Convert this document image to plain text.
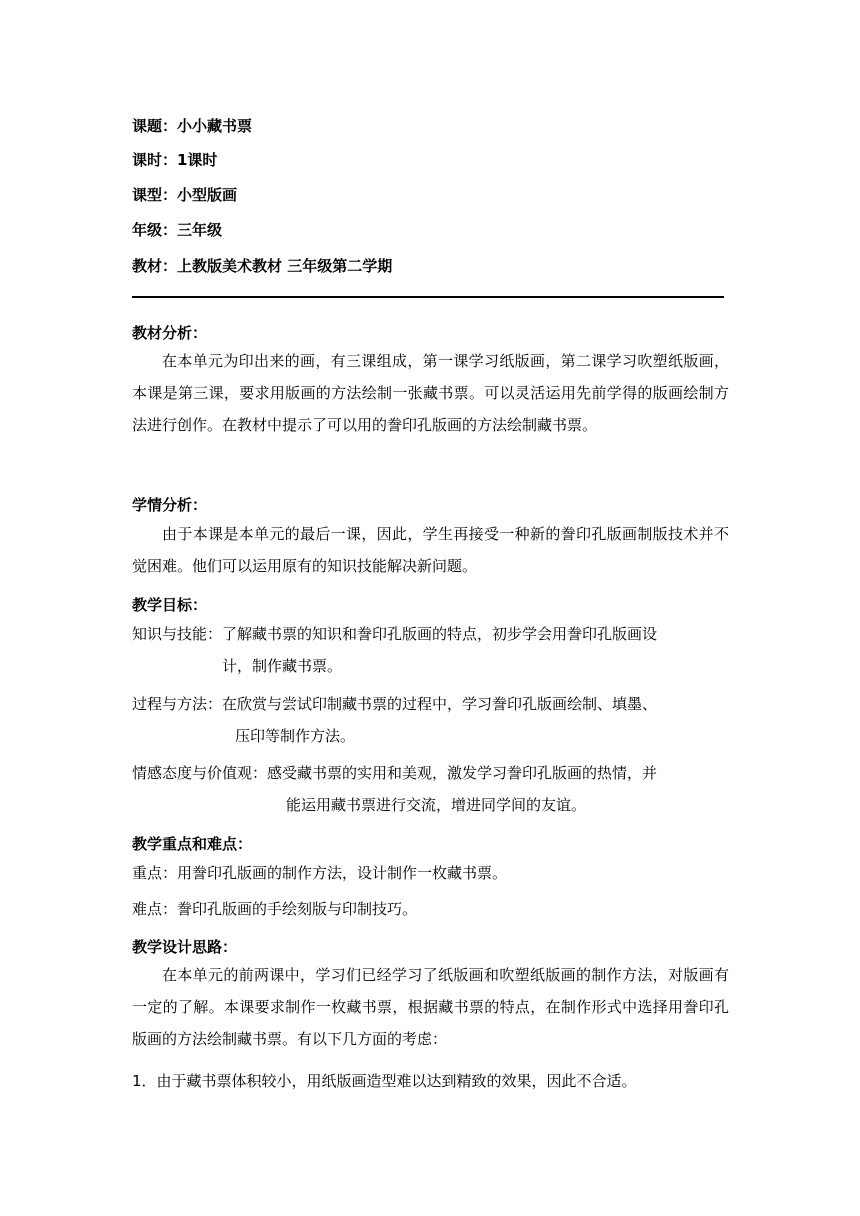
课题：小小藏书票
课时：1课时
课型：小型版画
年级：三年级
教材：上教版美术教材 三年级第二学期
教材分析：
在本单元为印出来的画，有三课组成，第一课学习纸版画，第二课学习吹塑纸版画，本课是第三课，要求用版画的方法绘制一张藏书票。可以灵活运用先前学得的版画绘制方法进行创作。在教材中提示了可以用的誊印孔版画的方法绘制藏书票。
学情分析：
由于本课是本单元的最后一课，因此，学生再接受一种新的誊印孔版画制版技术并不觉困难。他们可以运用原有的知识技能解决新问题。
教学目标：
知识与技能：了解藏书票的知识和誊印孔版画的特点，初步学会用誊印孔版画设
计，制作藏书票。
过程与方法：在欣赏与尝试印制藏书票的过程中，学习誊印孔版画绘制、填墨、
压印等制作方法。
情感态度与价值观：感受藏书票的实用和美观，激发学习誊印孔版画的热情，并
能运用藏书票进行交流，增进同学间的友谊。
教学重点和难点：
重点：用誊印孔版画的制作方法，设计制作一枚藏书票。
难点：誊印孔版画的手绘刻版与印制技巧。
教学设计思路：
在本单元的前两课中，学习们已经学习了纸版画和吹塑纸版画的制作方法，对版画有一定的了解。本课要求制作一枚藏书票，根据藏书票的特点，在制作形式中选择用誊印孔版画的方法绘制藏书票。有以下几方面的考虑：
1．由于藏书票体积较小，用纸版画造型难以达到精致的效果，因此不合适。
